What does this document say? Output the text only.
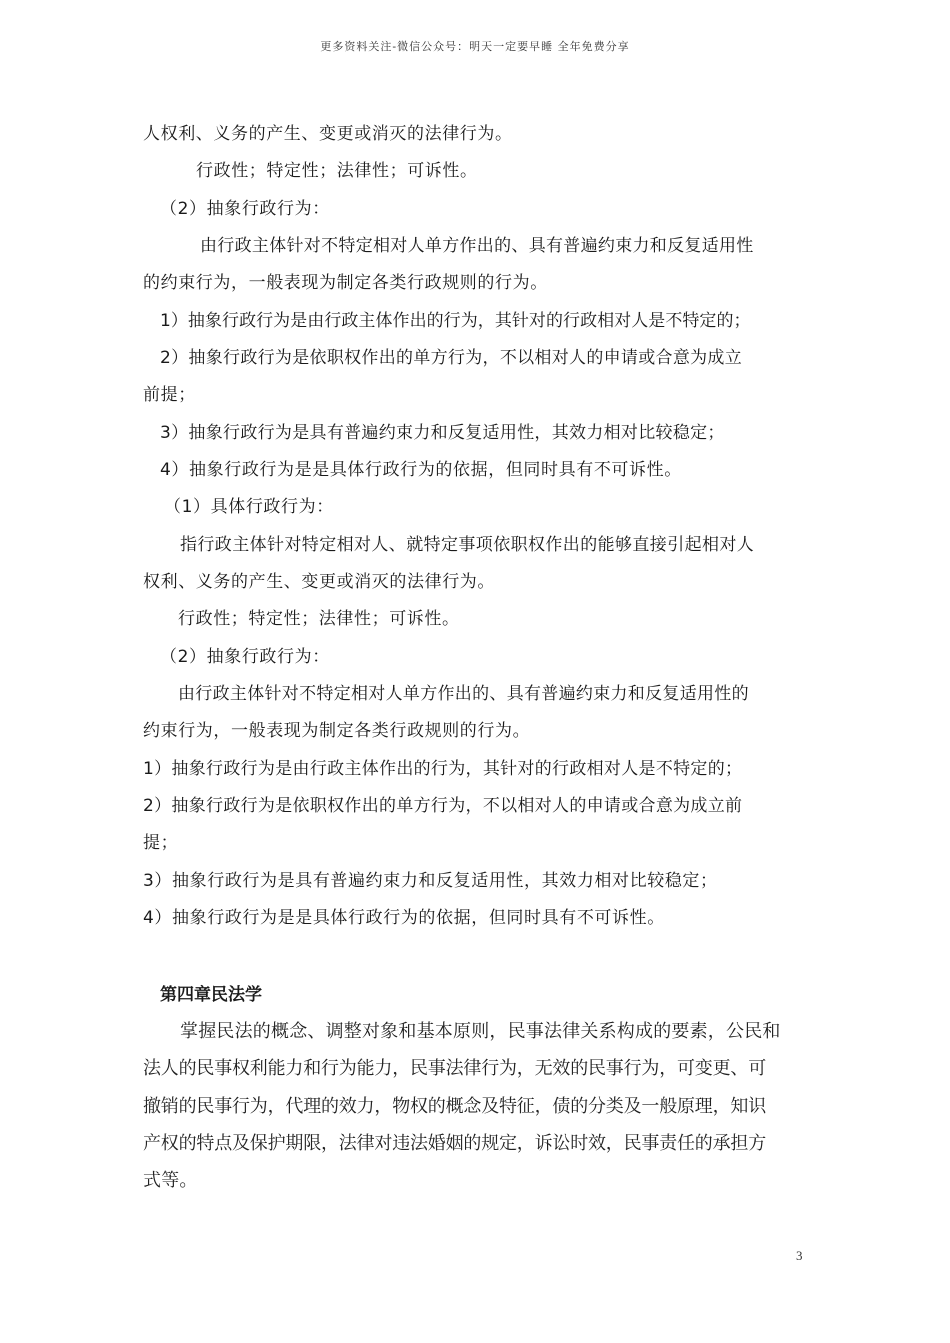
更多资料关注-微信公众号：明天一定要早睡 全年免费分享
人权利、义务的产生、变更或消灭的法律行为。
行政性；特定性；法律性；可诉性。
（2）抽象行政行为：
由行政主体针对不特定相对人单方作出的、具有普遍约束力和反复适用性
的约束行为，一般表现为制定各类行政规则的行为。
1）抽象行政行为是由行政主体作出的行为，其针对的行政相对人是不特定的；
2）抽象行政行为是依职权作出的单方行为，不以相对人的申请或合意为成立
前提；
3）抽象行政行为是具有普遍约束力和反复适用性，其效力相对比较稳定；
4）抽象行政行为是是具体行政行为的依据，但同时具有不可诉性。
（1）具体行政行为：
指行政主体针对特定相对人、就特定事项依职权作出的能够直接引起相对人
权利、义务的产生、变更或消灭的法律行为。
行政性；特定性；法律性；可诉性。
（2）抽象行政行为：
由行政主体针对不特定相对人单方作出的、具有普遍约束力和反复适用性的
约束行为，一般表现为制定各类行政规则的行为。
1）抽象行政行为是由行政主体作出的行为，其针对的行政相对人是不特定的；
2）抽象行政行为是依职权作出的单方行为，不以相对人的申请或合意为成立前
提；
3）抽象行政行为是具有普遍约束力和反复适用性，其效力相对比较稳定；
4）抽象行政行为是是具体行政行为的依据，但同时具有不可诉性。
第四章民法学
掌握民法的概念、调整对象和基本原则，民事法律关系构成的要素，公民和
法人的民事权利能力和行为能力，民事法律行为，无效的民事行为，可变更、可
撤销的民事行为，代理的效力，物权的概念及特征，债的分类及一般原理，知识
产权的特点及保护期限，法律对违法婚姻的规定，诉讼时效，民事责任的承担方
式等。
3
